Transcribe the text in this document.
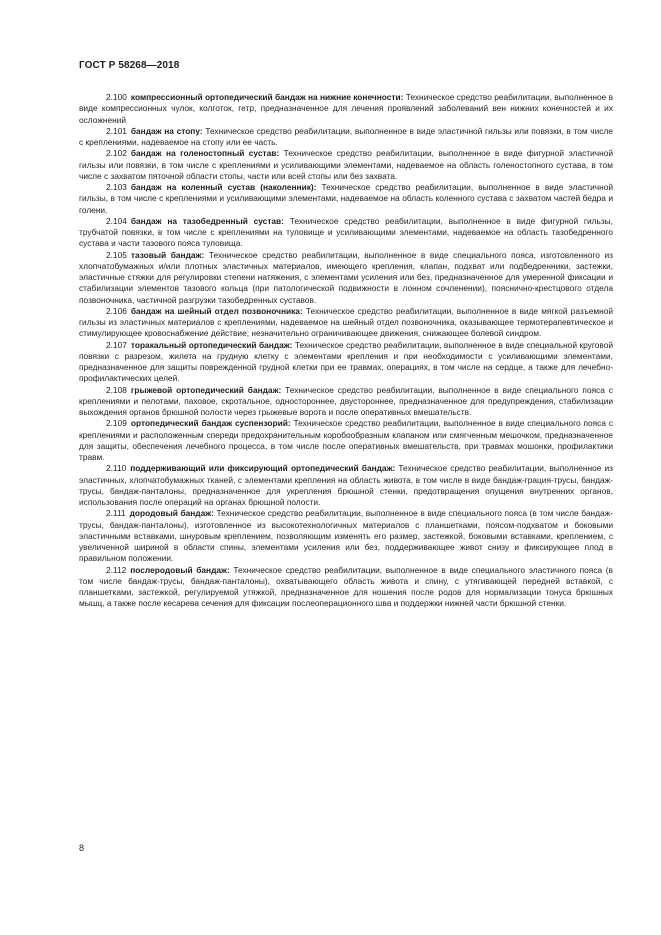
ГОСТ Р 58268—2018

2.100 компрессионный ортопедический бандаж на нижние конечности: Техническое средство реабилитации, выполненное в виде компрессионных чулок, колготок, гетр, предназначенное для лечения проявлений заболеваний вен нижних конечностей и их осложнений

2.101 бандаж на стопу: Техническое средство реабилитации, выполненное в виде эластичной гильзы или повязки, в том числе с креплениями, надеваемое на стопу или ее часть.

2.102 бандаж на голеностопный сустав: Техническое средство реабилитации, выполненное в виде фигурной эластичной гильзы или повязки, в том числе с креплениями и усиливающими элементами, надеваемое на область голеностопного сустава, в том числе с захватом пяточной области стопы, части или всей стопы или без захвата.

2.103 бандаж на коленный сустав (наколенник): Техническое средство реабилитации, выполненное в виде эластичной гильзы, в том числе с креплениями и усиливающими элементами, надеваемое на область коленного сустава с захватом частей бедра и голени.

2.104 бандаж на тазобедренный сустав: Техническое средство реабилитации, выполненное в виде фигурной гильзы, трубчатой повязки, в том числе с креплениями на туловище и усиливающими элементами, надеваемое на область тазобедренного сустава и части тазового пояса туловища.

2.105 тазовый бандаж: Техническое средство реабилитации, выполненное в виде специального пояса, изготовленного из хлопчатобумажных и/или плотных эластичных материалов, имеющего крепления, клапан, подхват или подбедренники, застежки, эластичные стяжки для регулировки степени натяжения, с элементами усиления или без, предназначенное для умеренной фиксации и стабилизации элементов тазового кольца (при патологической подвижности в лонном сочленении), пояснично-крестцового отдела позвоночника, частичной разгрузки тазобедренных суставов.

2.106 бандаж на шейный отдел позвоночника: Техническое средство реабилитации, выполненное в виде мягкой разъемной гильзы из эластичных материалов с креплениями, надеваемое на шейный отдел позвоночника, оказывающее термотерапевтическое и стимулирующее кровоснабжение действие; незначительно ограничивающее движения, снижающее болевой синдром.

2.107 торакальный ортопедический бандаж: Техническое средство реабилитации, выполненное в виде специальной круговой повязки с разрезом, жилета на грудную клетку с элементами крепления и при необходимости с усиливающими элементами, предназначенное для защиты поврежденной грудной клетки при ее травмах, операциях, в том числе на сердце, а также для лечебно-профилактических целей.

2.108 грыжевой ортопедический бандаж: Техническое средство реабилитации, выполненное в виде специального пояса с креплениями и пелотами, паховое, скротальное, одностороннее, двустороннее, предназначенное для предупреждения, стабилизации выхождения органов брюшной полости через грыжевые ворота и после оперативных вмешательств.

2.109 ортопедический бандаж суспензорий: Техническое средство реабилитации, выполненное в виде специального пояса с креплениями и расположенным спереди предохранительным коробообразным клапаном или смягченным мешочком, предназначенное для защиты, обеспечения лечебного процесса, в том числе после оперативных вмешательств, при травмах мошонки, профилактики травм.

2.110 поддерживающий или фиксирующий ортопедический бандаж: Техническое средство реабилитации, выполненное из эластичных, хлопчатобумажных тканей, с элементами крепления на область живота, в том числе в виде бандаж-грация-трусы, бандаж-трусы, бандаж-панталоны, предназначенное для укрепления брюшной стенки, предотвращения опущения внутренних органов, использования после операций на органах брюшной полости.

2.111 дородовый бандаж: Техническое средство реабилитации, выполненное в виде специального пояса (в том числе бандаж-трусы, бандаж-панталоны), изготовленное из высокотехнологичных материалов с планшетками, поясом-подхватом и боковыми эластичными вставками, шнуровым креплением, позволяющим изменять его размер, застежкой, боковыми вставками, креплением, с увеличенной шириной в области спины, элементами усиления или без, поддерживающее живот снизу и фиксирующее плод в правильном положении.

2.112 послеродовый бандаж: Техническое средство реабилитации, выполненное в виде специального эластичного пояса (в том числе бандаж-трусы, бандаж-панталоны), охватывающего область живота и спину, с утягивающей передней вставкой, с планшетками, застежкой, регулируемой утяжкой, предназначенное для ношения после родов для нормализации тонуса брюшных мышц, а также после кесарева сечения для фиксации послеоперационного шва и поддержки нижней части брюшной стенки.

8
